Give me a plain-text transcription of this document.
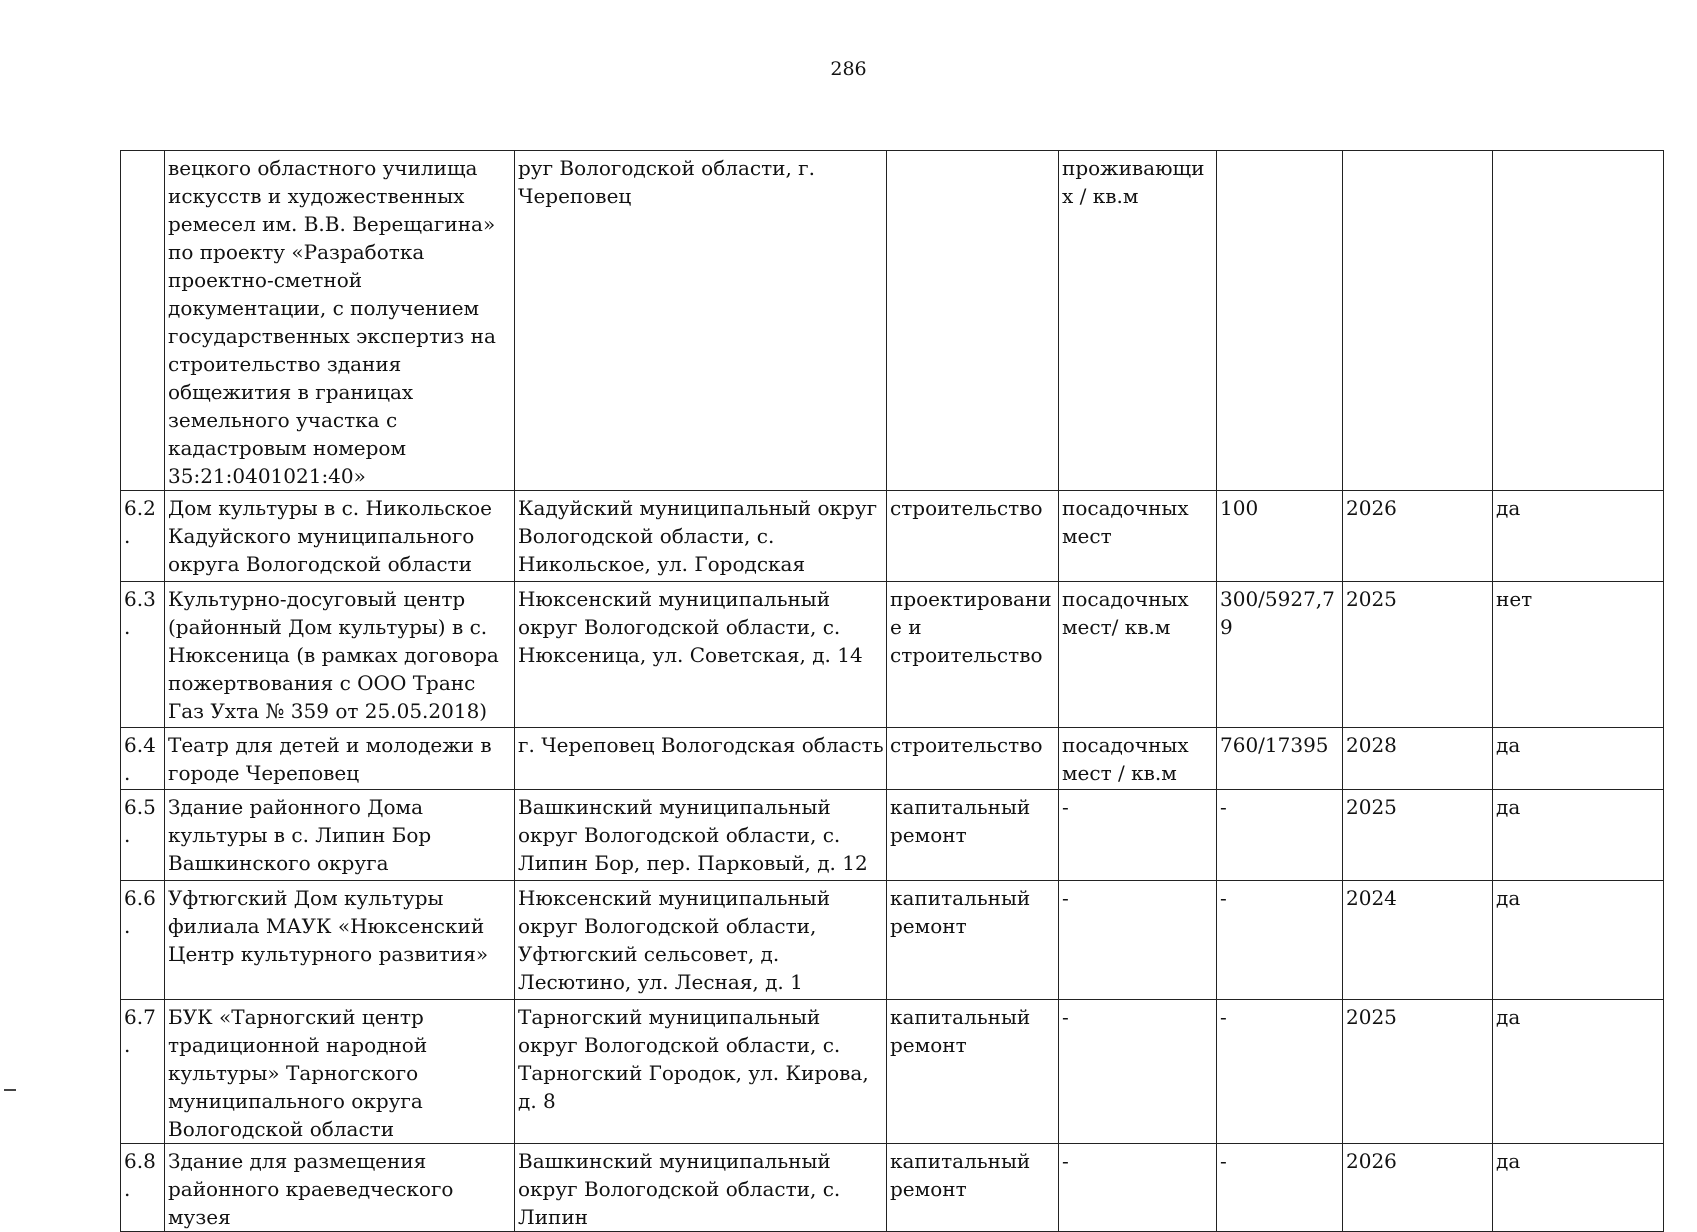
286
	вецкого областного училища искусств и художественных ремесел им. В.В. Верещагина» по проекту «Разработка проектно-сметной документации, с получением государственных экспертиз на строительство здания общежития в границах земельного участка с кадастровым номером 35:21:0401021:40»	руг Вологодской области, г. Череповец		проживающих / кв.м			
6.2.	Дом культуры в с. Никольское Кадуйского муниципального округа Вологодской области	Кадуйский муниципальный округ Вологодской области, с. Никольское, ул. Городская	строительство	посадочных мест	100	2026	да
6.3.	Культурно-досуговый центр (районный Дом культуры) в с. Нюксеница (в рамках договора пожертвования с ООО Транс Газ Ухта № 359 от 25.05.2018)	Нюксенский муниципальный округ Вологодской области, с. Нюксеница, ул. Советская, д. 14	проектирование и строительство	посадочных мест/ кв.м	300/5927,79	2025	нет
6.4.	Театр для детей и молодежи в городе Череповец	г. Череповец Вологодская область	строительство	посадочных мест / кв.м	760/17395	2028	да
6.5.	Здание районного Дома культуры в с. Липин Бор Вашкинского округа	Вашкинский муниципальный округ Вологодской области, с. Липин Бор, пер. Парковый, д. 12	капитальный ремонт	-	-	2025	да
6.6.	Уфтюгский Дом культуры филиала МАУК «Нюксенский Центр культурного развития»	Нюксенский муниципальный округ Вологодской области, Уфтюгский сельсовет, д. Лесютино, ул. Лесная, д. 1	капитальный ремонт	-	-	2024	да
6.7.	БУК «Тарногский центр традиционной народной культуры» Тарногского муниципального округа Вологодской области	Тарногский муниципальный округ Вологодской области, с. Тарногский Городок, ул. Кирова, д. 8	капитальный ремонт	-	-	2025	да
6.8.	Здание для размещения районного краеведческого музея	Вашкинский муниципальный округ Вологодской области, с. Липин	капитальный ремонт	-	-	2026	да
